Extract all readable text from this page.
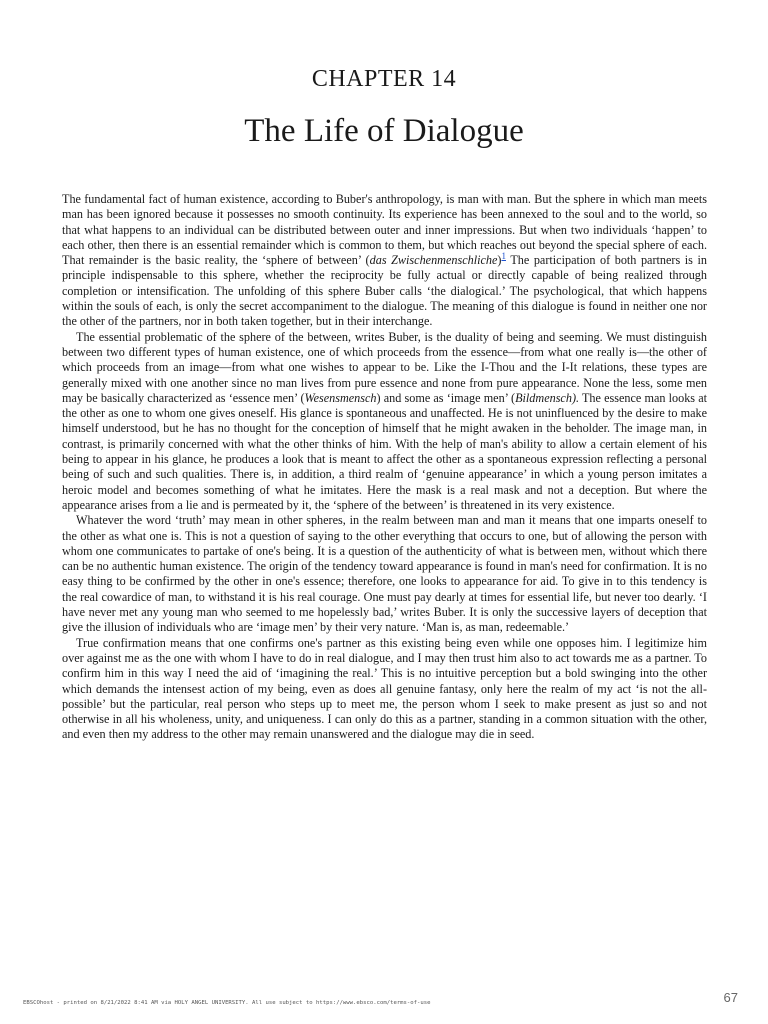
CHAPTER 14
The Life of Dialogue

The fundamental fact of human existence, according to Buber's anthropology, is man with man. But the sphere in which man meets man has been ignored because it possesses no smooth continuity. Its experience has been annexed to the soul and to the world, so that what happens to an individual can be distributed between outer and inner impressions. But when two individuals ‘happen’ to each other, then there is an essential remainder which is common to them, but which reaches out beyond the special sphere of each. That remainder is the basic reality, the ‘sphere of between’ (das Zwischenmenschliche)$^1$ The participation of both partners is in principle indispensable to this sphere, whether the reciprocity be fully actual or directly capable of being realized through completion or intensification. The unfolding of this sphere Buber calls ‘the dialogical.’ The psychological, that which happens within the souls of each, is only the secret accompaniment to the dialogue. The meaning of this dialogue is found in neither one nor the other of the partners, nor in both taken together, but in their interchange.

The essential problematic of the sphere of the between, writes Buber, is the duality of being and seeming. We must distinguish between two different types of human existence, one of which proceeds from the essence—from what one really is—the other of which proceeds from an image—from what one wishes to appear to be. Like the I-Thou and the I-It relations, these types are generally mixed with one another since no man lives from pure essence and none from pure appearance. None the less, some men may be basically characterized as ‘essence men’ (Wesensmensch) and some as ‘image men’ (Bildmensch). The essence man looks at the other as one to whom one gives oneself. His glance is spontaneous and unaffected. He is not uninfluenced by the desire to make himself understood, but he has no thought for the conception of himself that he might awaken in the beholder. The image man, in contrast, is primarily concerned with what the other thinks of him. With the help of man's ability to allow a certain element of his being to appear in his glance, he produces a look that is meant to affect the other as a spontaneous expression reflecting a personal being of such and such qualities. There is, in addition, a third realm of ‘genuine appearance’ in which a young person imitates a heroic model and becomes something of what he imitates. Here the mask is a real mask and not a deception. But where the appearance arises from a lie and is permeated by it, the ‘sphere of the between’ is threatened in its very existence.

Whatever the word ‘truth’ may mean in other spheres, in the realm between man and man it means that one imparts oneself to the other as what one is. This is not a question of saying to the other everything that occurs to one, but of allowing the person with whom one communicates to partake of one's being. It is a question of the authenticity of what is between men, without which there can be no authentic human existence. The origin of the tendency toward appearance is found in man's need for confirmation. It is no easy thing to be confirmed by the other in one's essence; therefore, one looks to appearance for aid. To give in to this tendency is the real cowardice of man, to withstand it is his real courage. One must pay dearly at times for essential life, but never too dearly. ‘I have never met any young man who seemed to me hopelessly bad,’ writes Buber. It is only the successive layers of deception that give the illusion of individuals who are ‘image men’ by their very nature. ‘Man is, as man, redeemable.’

True confirmation means that one confirms one's partner as this existing being even while one opposes him. I legitimize him over against me as the one with whom I have to do in real dialogue, and I may then trust him also to act towards me as a partner. To confirm him in this way I need the aid of ‘imagining the real.’ This is no intuitive perception but a bold swinging into the other which demands the intensest action of my being, even as does all genuine fantasy, only here the realm of my act ‘is not the all-possible’ but the particular, real person who steps up to meet me, the person whom I seek to make present as just so and not otherwise in all his wholeness, unity, and uniqueness. I can only do this as a partner, standing in a common situation with the other, and even then my address to the other may remain unanswered and the dialogue may die in seed.

EBSCOhost - printed on 8/21/2022 8:41 AM via HOLY ANGEL UNIVERSITY. All use subject to https://www.ebsco.com/terms-of-use	67
